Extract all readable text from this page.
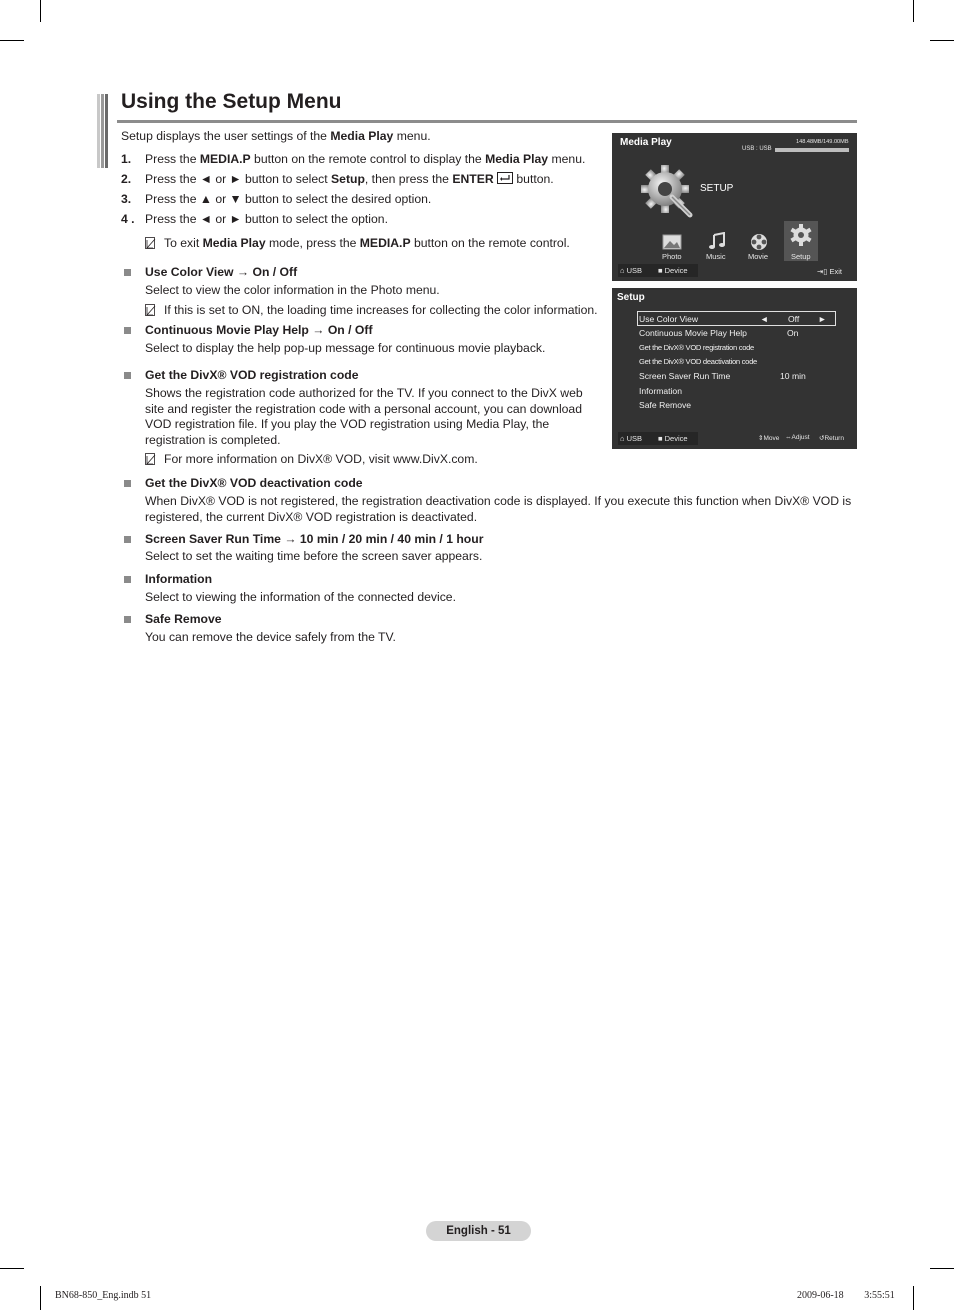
Using the Setup Menu
Setup displays the user settings of the Media Play menu.
1. Press the MEDIA.P button on the remote control to display the Media Play menu.
2. Press the ◄ or ► button to select Setup, then press the ENTER  button.
3. Press the ▲ or ▼ button to select the desired option.
4 . Press the ◄ or ► button to select the option.
To exit Media Play mode, press the MEDIA.P button on the remote control.
Use Color View → On / Off
Select to view the color information in the Photo menu.
If this is set to ON, the loading time increases for collecting the color information.
Continuous Movie Play Help → On / Off
Select to display the help pop-up message for continuous movie playback.
Get the DivX® VOD registration code
Shows the registration code authorized for the TV. If you connect to the DivX web site and register the registration code with a personal account, you can download VOD registration file. If you play the VOD registration using Media Play, the registration is completed.
For more information on DivX® VOD, visit www.DivX.com.
Get the DivX® VOD deactivation code
When DivX® VOD is not registered, the registration deactivation code is displayed. If you execute this function when DivX® VOD is registered, the current DivX® VOD registration is deactivated.
Screen Saver Run Time → 10 min / 20 min / 40 min / 1 hour
Select to set the waiting time before the screen saver appears.
Information
Select to viewing the information of the connected device.
Safe Remove
You can remove the device safely from the TV.
Media Play
USB : USB
148.48MB/149.00MB
SETUP
Photo	Music	Movie	Setup
⌂ USB ■ Device	⇥▯ Exit
Setup
Use Color View	◄ Off ►
Continuous Movie Play Help	On
Get the DivX® VOD registration code
Get the DivX® VOD deactivation code
Screen Saver Run Time	10 min
Information
Safe Remove
⌂ USB ■ Device	⇕Move ⇔Adjust ↺Return
English - 51
BN68-850_Eng.indb 51	2009-06-18 ￿￿ 3:55:51
